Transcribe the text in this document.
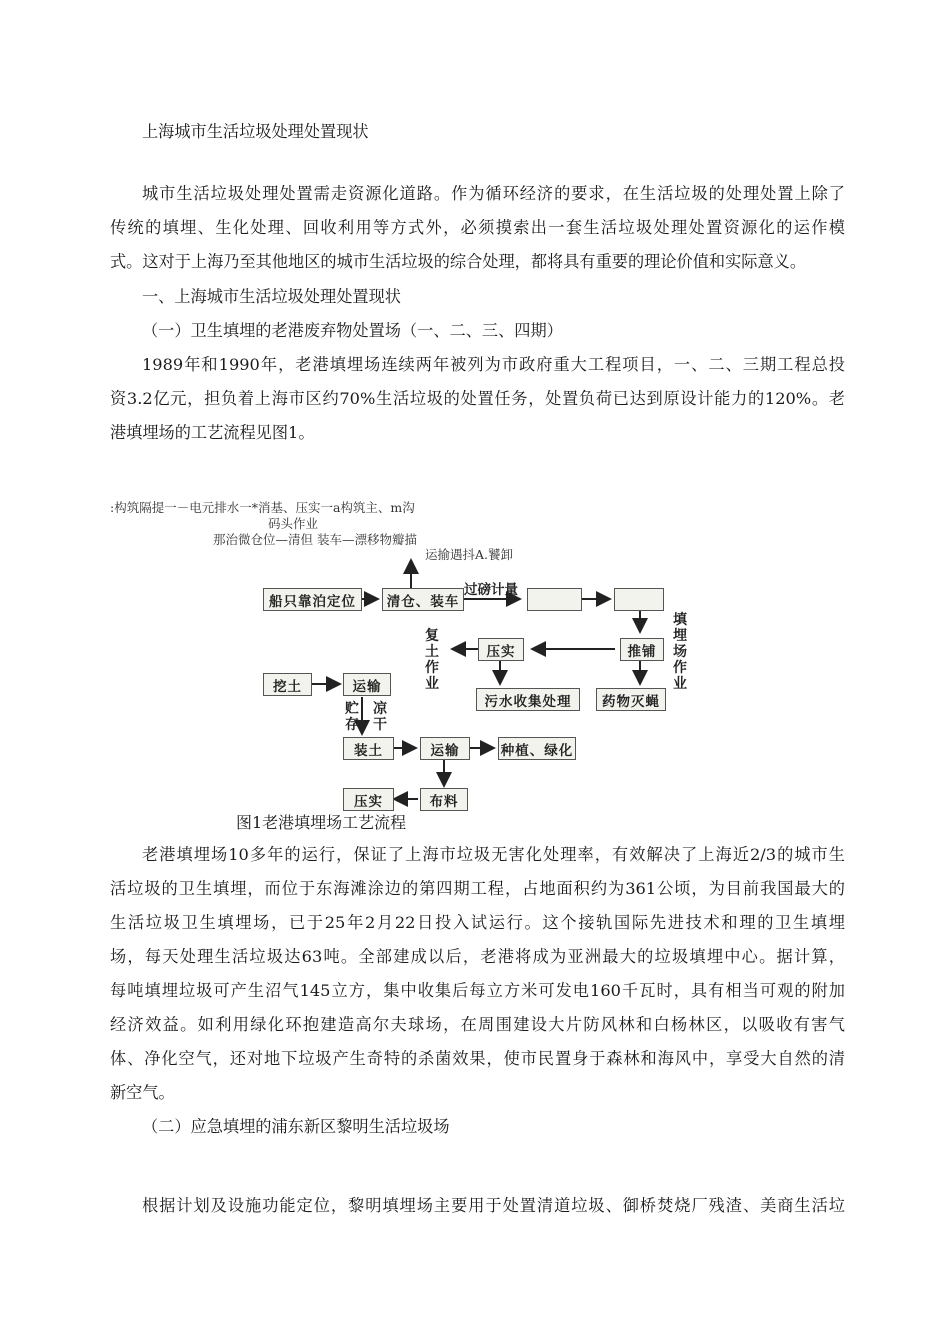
上海城市生活垃圾处理处置现状
城市生活垃圾处理处置需走资源化道路。作为循环经济的要求，在生活垃圾的处理处置上除了
传统的填埋、生化处理、回收利用等方式外，必须摸索出一套生活垃圾处理处置资源化的运作模
式。这对于上海乃至其他地区的城市生活垃圾的综合处理，都将具有重要的理论价值和实际意义。
一、上海城市生活垃圾处理处置现状
（一）卫生填埋的老港废弃物处置场（一、二、三、四期）
1989年和1990年，老港填埋场连续两年被列为市政府重大工程项目，一、二、三期工程总投
资3.2亿元，担负着上海市区约70%生活垃圾的处置任务，处置负荷已达到原设计能力的120%。老
港填埋场的工艺流程见图1。
:构筑隔提一－电元排水一*消基、压实一a构筑主、m沟
码头作业
那治微仓位—清但 装车—漂移物瓣描
运揄遇抖A.饕卸
船只靠泊定位	清仓、装车
过磅计量
复土作业
填埋场作业
压实	推铺
污水收集处理	药物灭蝇
挖土	运输
贮存
凉干
装土	运输	种植、绿化
压实	布料
图1老港填埋场工艺流程
老港填埋场10多年的运行，保证了上海市垃圾无害化处理率，有效解决了上海近2/3的城市生
活垃圾的卫生填埋，而位于东海滩涂边的第四期工程，占地面积约为361公顷，为目前我国最大的
生活垃圾卫生填埋场，已于25年2月22日投入试运行。这个接轨国际先进技术和理的卫生填埋
场，每天处理生活垃圾达63吨。全部建成以后，老港将成为亚洲最大的垃圾填埋中心。据计算，
每吨填埋垃圾可产生沼气145立方，集中收集后每立方米可发电160千瓦时，具有相当可观的附加
经济效益。如利用绿化环抱建造高尔夫球场，在周围建设大片防风林和白杨林区，以吸收有害气
体、净化空气，还对地下垃圾产生奇特的杀菌效果，使市民置身于森林和海风中，享受大自然的清
新空气。
（二）应急填埋的浦东新区黎明生活垃圾场
根据计划及设施功能定位，黎明填埋场主要用于处置清道垃圾、御桥焚烧厂残渣、美商生活垃
